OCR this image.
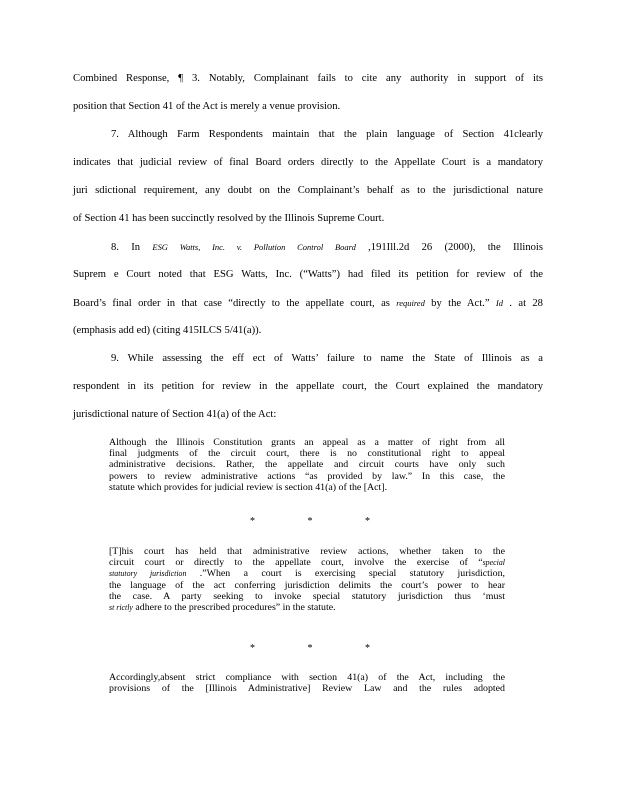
Combined Response, ¶ 3. Notably, Complainant fails to cite any authority in support of its
position that Section 41 of the Act is merely a venue provision.
7. Although Farm Respondents maintain that the plain language of Section 41clearly
indicates that judicial review of final Board orders directly to the Appellate Court is a mandatory
juri sdictional requirement, any doubt on the Complainant’s behalf as to the jurisdictional nature
of Section 41 has been succinctly resolved by the Illinois Supreme Court.
8. In ESG Watts, Inc. v. Pollution Control Board ,191Ill.2d 26 (2000), the Illinois
Suprem e Court noted that ESG Watts, Inc. (“Watts”) had filed its petition for review of the
Board’s final order in that case “directly to the appellate court, as required by the Act.” Id . at 28
(emphasis add ed) (citing 415ILCS 5/41(a)).
9. While assessing the eff ect of Watts’ failure to name the State of Illinois as a
respondent in its petition for review in the appellate court, the Court explained the mandatory
jurisdictional nature of Section 41(a) of the Act:
Although the Illinois Constitution grants an appeal as a matter of right from all
final judgments of the circuit court, there is no constitutional right to appeal
administrative decisions. Rather, the appellate and circuit courts have only such
powers to review administrative actions “as provided by law.” In this case, the
statute which provides for judicial review is section 41(a) of the [Act].
*	*	*
[T]his court has held that administrative review actions, whether taken to the
circuit court or directly to the appellate court, involve the exercise of “special
statutory jurisdiction .”When a court is exercising special statutory jurisdiction,
the language of the act conferring jurisdiction delimits the court’s power to hear
the case. A party seeking to invoke special statutory jurisdiction thus ‘must
st rictly adhere to the prescribed procedures” in the statute.
*	*	*
Accordingly,absent strict compliance with section 41(a) of the Act, including the
provisions of the [Illinois Administrative] Review Law and the rules adopted
